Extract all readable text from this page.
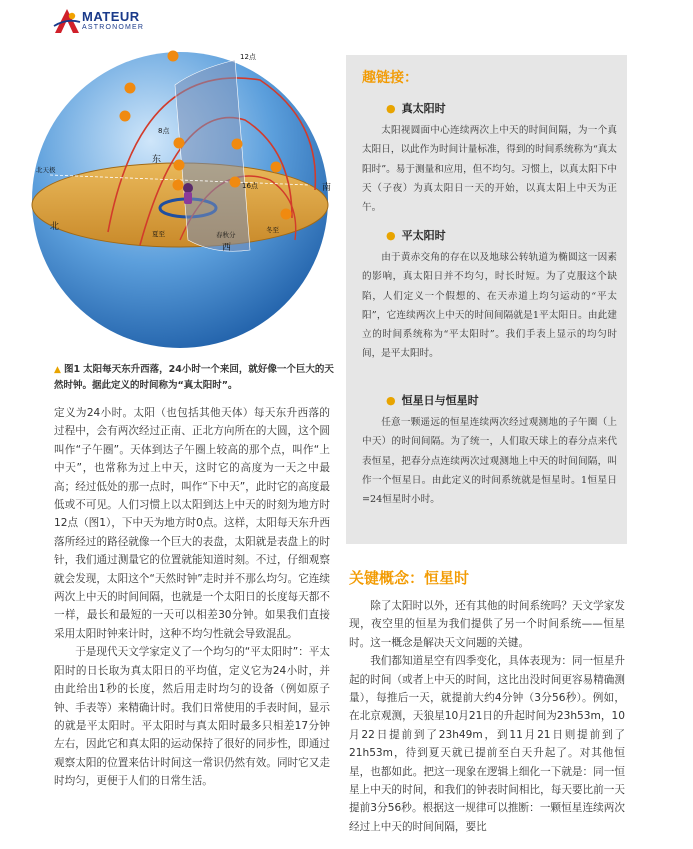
MATEUR
ASTRONOMER
12点
8点
16点
东
西
南
北
北天极
夏至	春秋分
冬至
▲ 图1 太阳每天东升西落，24小时一个来回，就好像一个巨大的天然时钟。据此定义的时间称为“真太阳时”。

定义为24小时。太阳（也包括其他天体）每天东升西落的过程中，会有两次经过正南、正北方向所在的大圆，这个圆叫作“子午圈”。天体到达子午圈上较高的那个点，叫作“上中天”，也常称为过上中天，这时它的高度为一天之中最高；经过低处的那一点时，叫作“下中天”，此时它的高度最低或不可见。人们习惯上以太阳到达上中天的时刻为地方时12点（图1），下中天为地方时0点。这样，太阳每天东升西落所经过的路径就像一个巨大的表盘，太阳就是表盘上的时针，我们通过测量它的位置就能知道时刻。不过，仔细观察就会发现，太阳这个“天然时钟”走时并不那么均匀。它连续两次上中天的时间间隔，也就是一个太阳日的长度每天都不一样，最长和最短的一天可以相差30分钟。如果我们直接采用太阳时钟来计时，这种不均匀性就会导致混乱。

于是现代天文学家定义了一个均匀的“平太阳时”：平太阳时的日长取为真太阳日的平均值，定义它为24小时，并由此给出1秒的长度，然后用走时均匀的设备（例如原子钟、手表等）来精确计时。我们日常使用的手表时间，显示的就是平太阳时。平太阳时与真太阳时最多只相差17分钟左右，因此它和真太阳的运动保持了很好的同步性，即通过观察太阳的位置来估计时间这一常识仍然有效。同时它又走时均匀，更便于人们的日常生活。

趣链接：
● 真太阳时
太阳视圆面中心连续两次上中天的时间间隔，为一个真太阳日，以此作为时间计量标准，得到的时间系统称为“真太阳时”。易于测量和应用，但不均匀。习惯上，以真太阳下中天（子夜）为真太阳日一天的开始，以真太阳上中天为正午。
● 平太阳时
由于黄赤交角的存在以及地球公转轨道为椭圆这一因素的影响，真太阳日并不均匀，时长时短。为了克服这个缺陷，人们定义一个假想的、在天赤道上均匀运动的“平太阳”，它连续两次上中天的时间间隔就是1平太阳日。由此建立的时间系统称为“平太阳时”。我们手表上显示的均匀时间，是平太阳时。
● 恒星日与恒星时
任意一颗遥远的恒星连续两次经过观测地的子午圈（上中天）的时间间隔。为了统一，人们取天球上的春分点来代表恒星，把春分点连续两次过观测地上中天的时间间隔，叫作一个恒星日。由此定义的时间系统就是恒星时。1恒星日=24恒星时小时。
关键概念：恒星时

除了太阳时以外，还有其他的时间系统吗？天文学家发现，夜空里的恒星为我们提供了另一个时间系统——恒星时。这一概念是解决天文问题的关键。

我们都知道星空有四季变化，具体表现为：同一恒星升起的时间（或者上中天的时间，这比出没时间更容易精确测量），每推后一天，就提前大约4分钟（3分56秒）。例如，在北京观测，天狼星10月21日的升起时间为23h53m，10月22日提前到了23h49m，到11月21日则提前到了21h53m，待到夏天就已提前至白天升起了。对其他恒星，也都如此。把这一现象在逻辑上细化一下就是：同一恒星上中天的时间，和我们的钟表时间相比，每天要比前一天提前3分56秒。根据这一规律可以推断：一颗恒星连续两次经过上中天的时间间隔，要比
